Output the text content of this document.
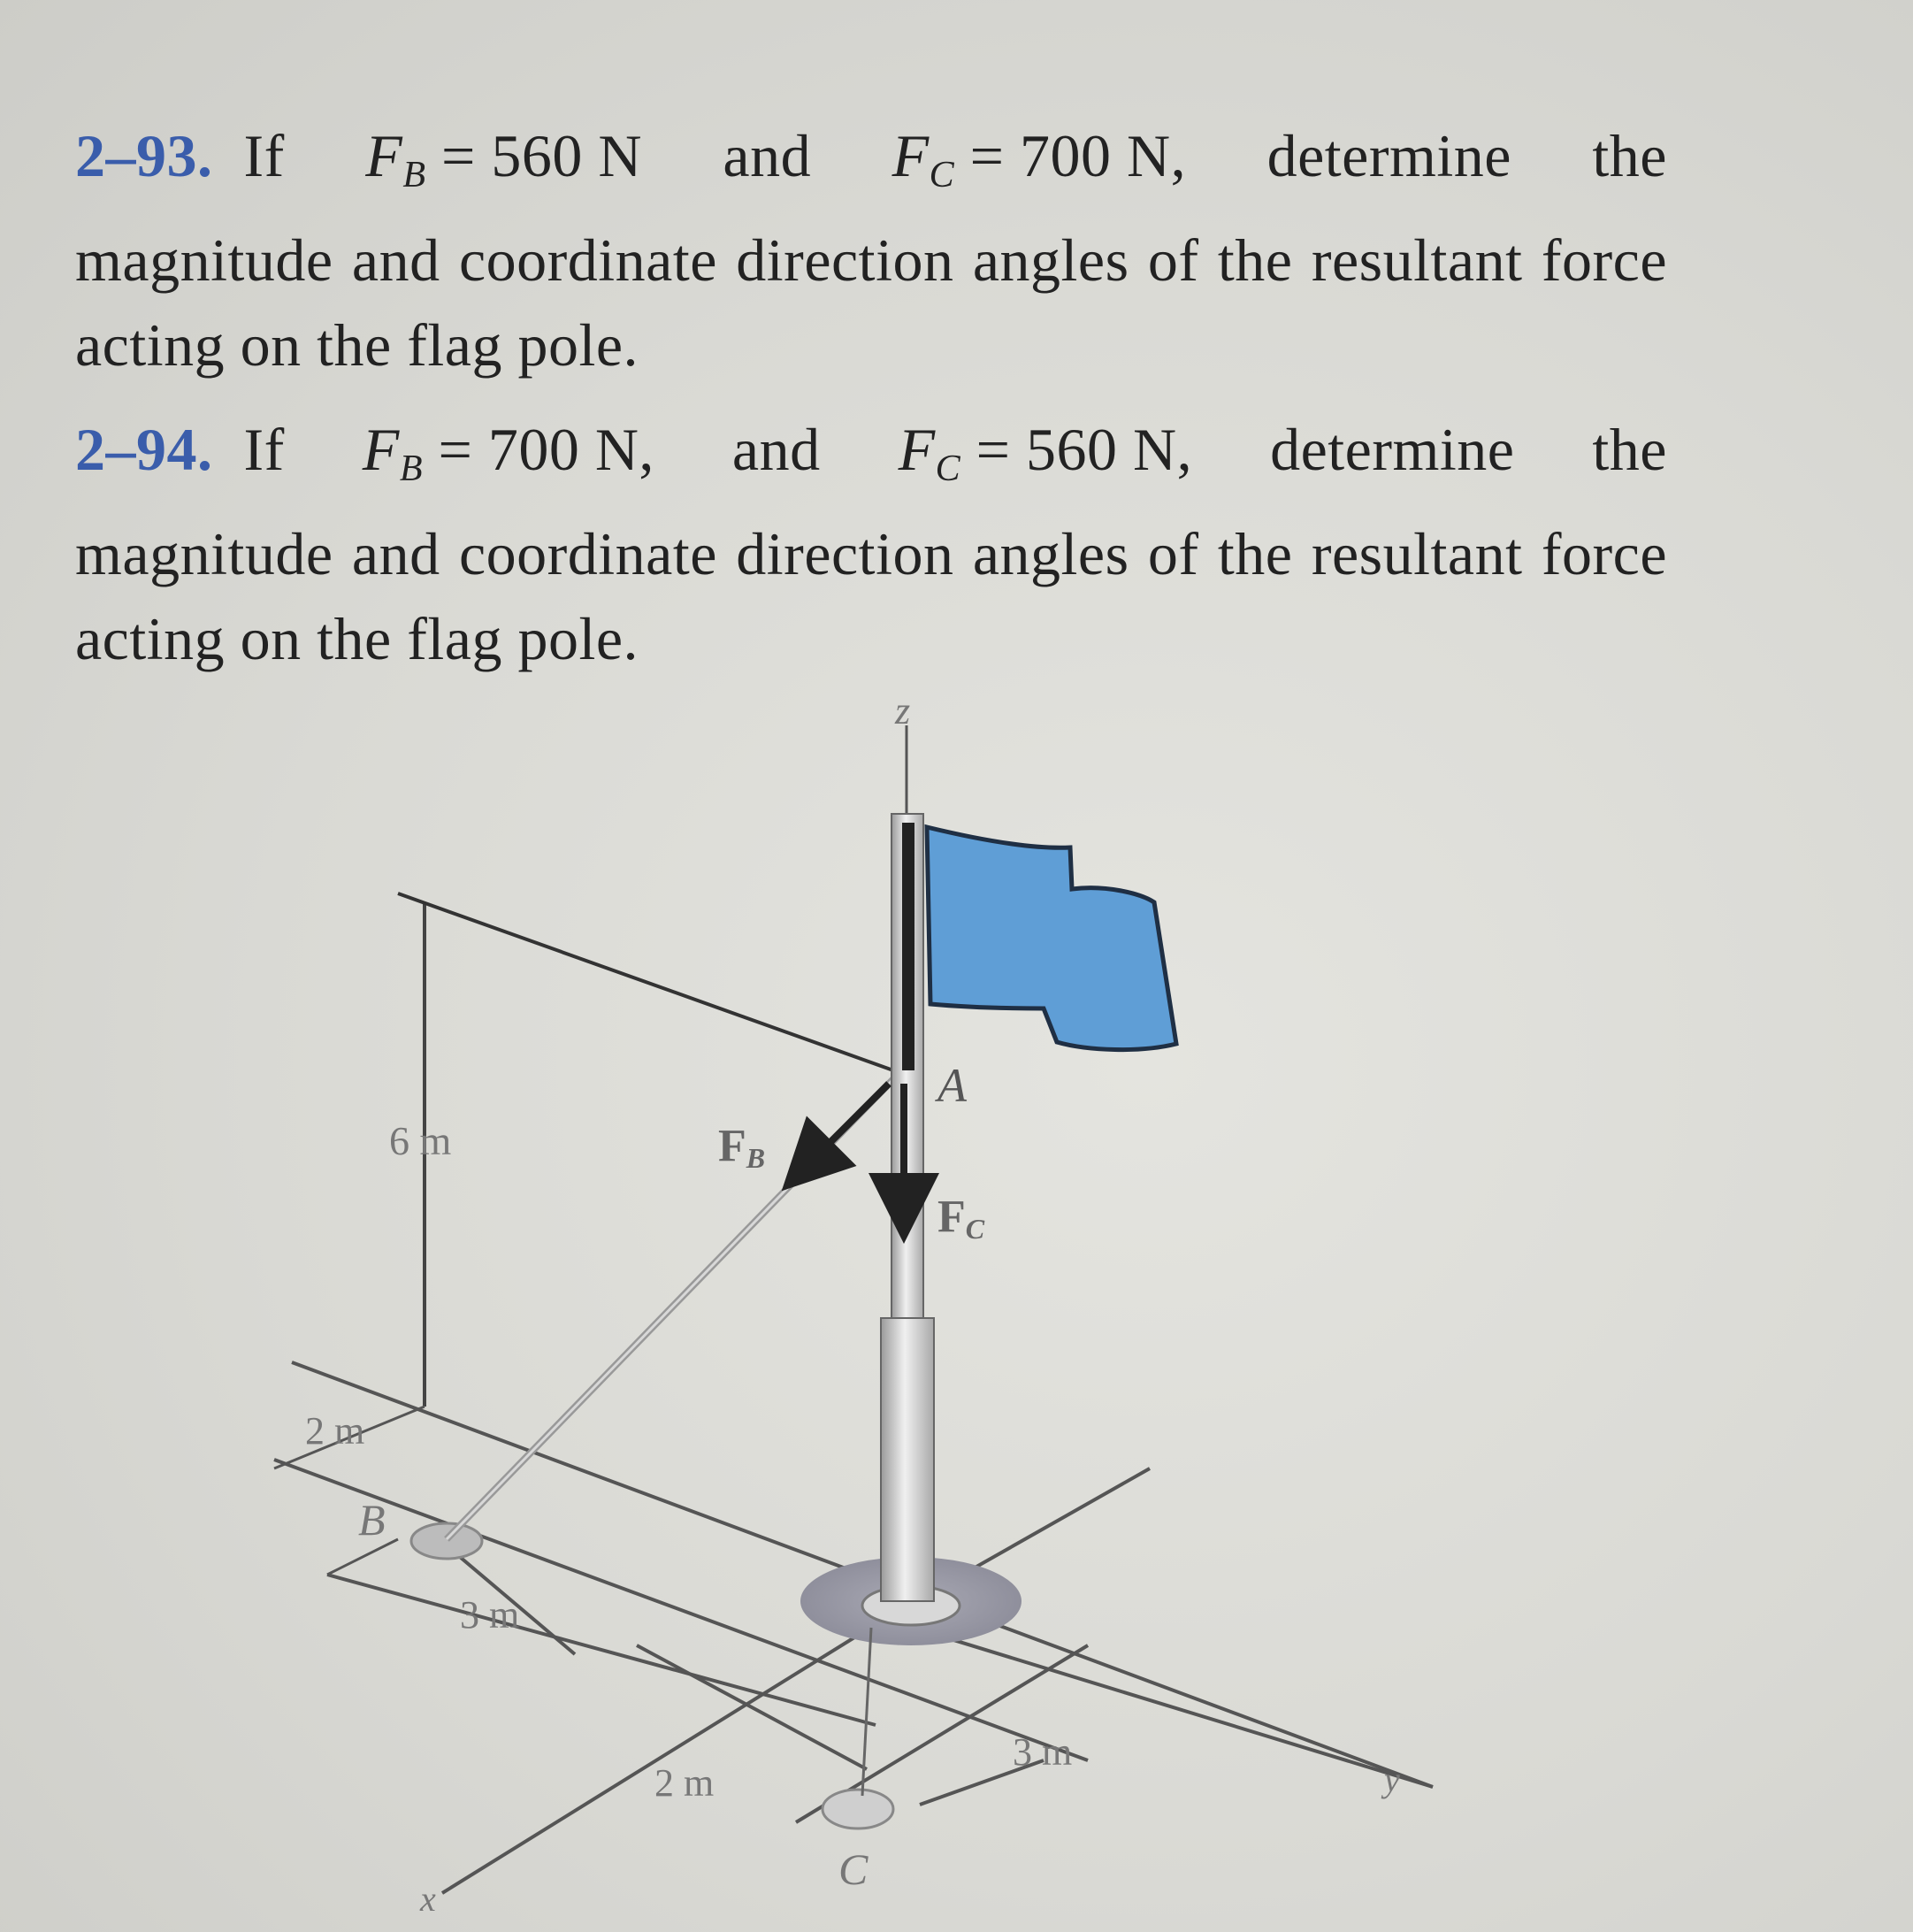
2–93. If $F_B = 560$ N and $F_C = 700$ N, determine the
magnitude and coordinate direction angles of the resultant force acting on the flag pole.
2–94. If $F_B = 700$ N, and $F_C = 560$ N, determine the
magnitude and coordinate direction angles of the resultant force acting on the flag pole.
z
A
B
C
x
y
FB
FC
6 m
2 m
3 m
2 m
3 m
